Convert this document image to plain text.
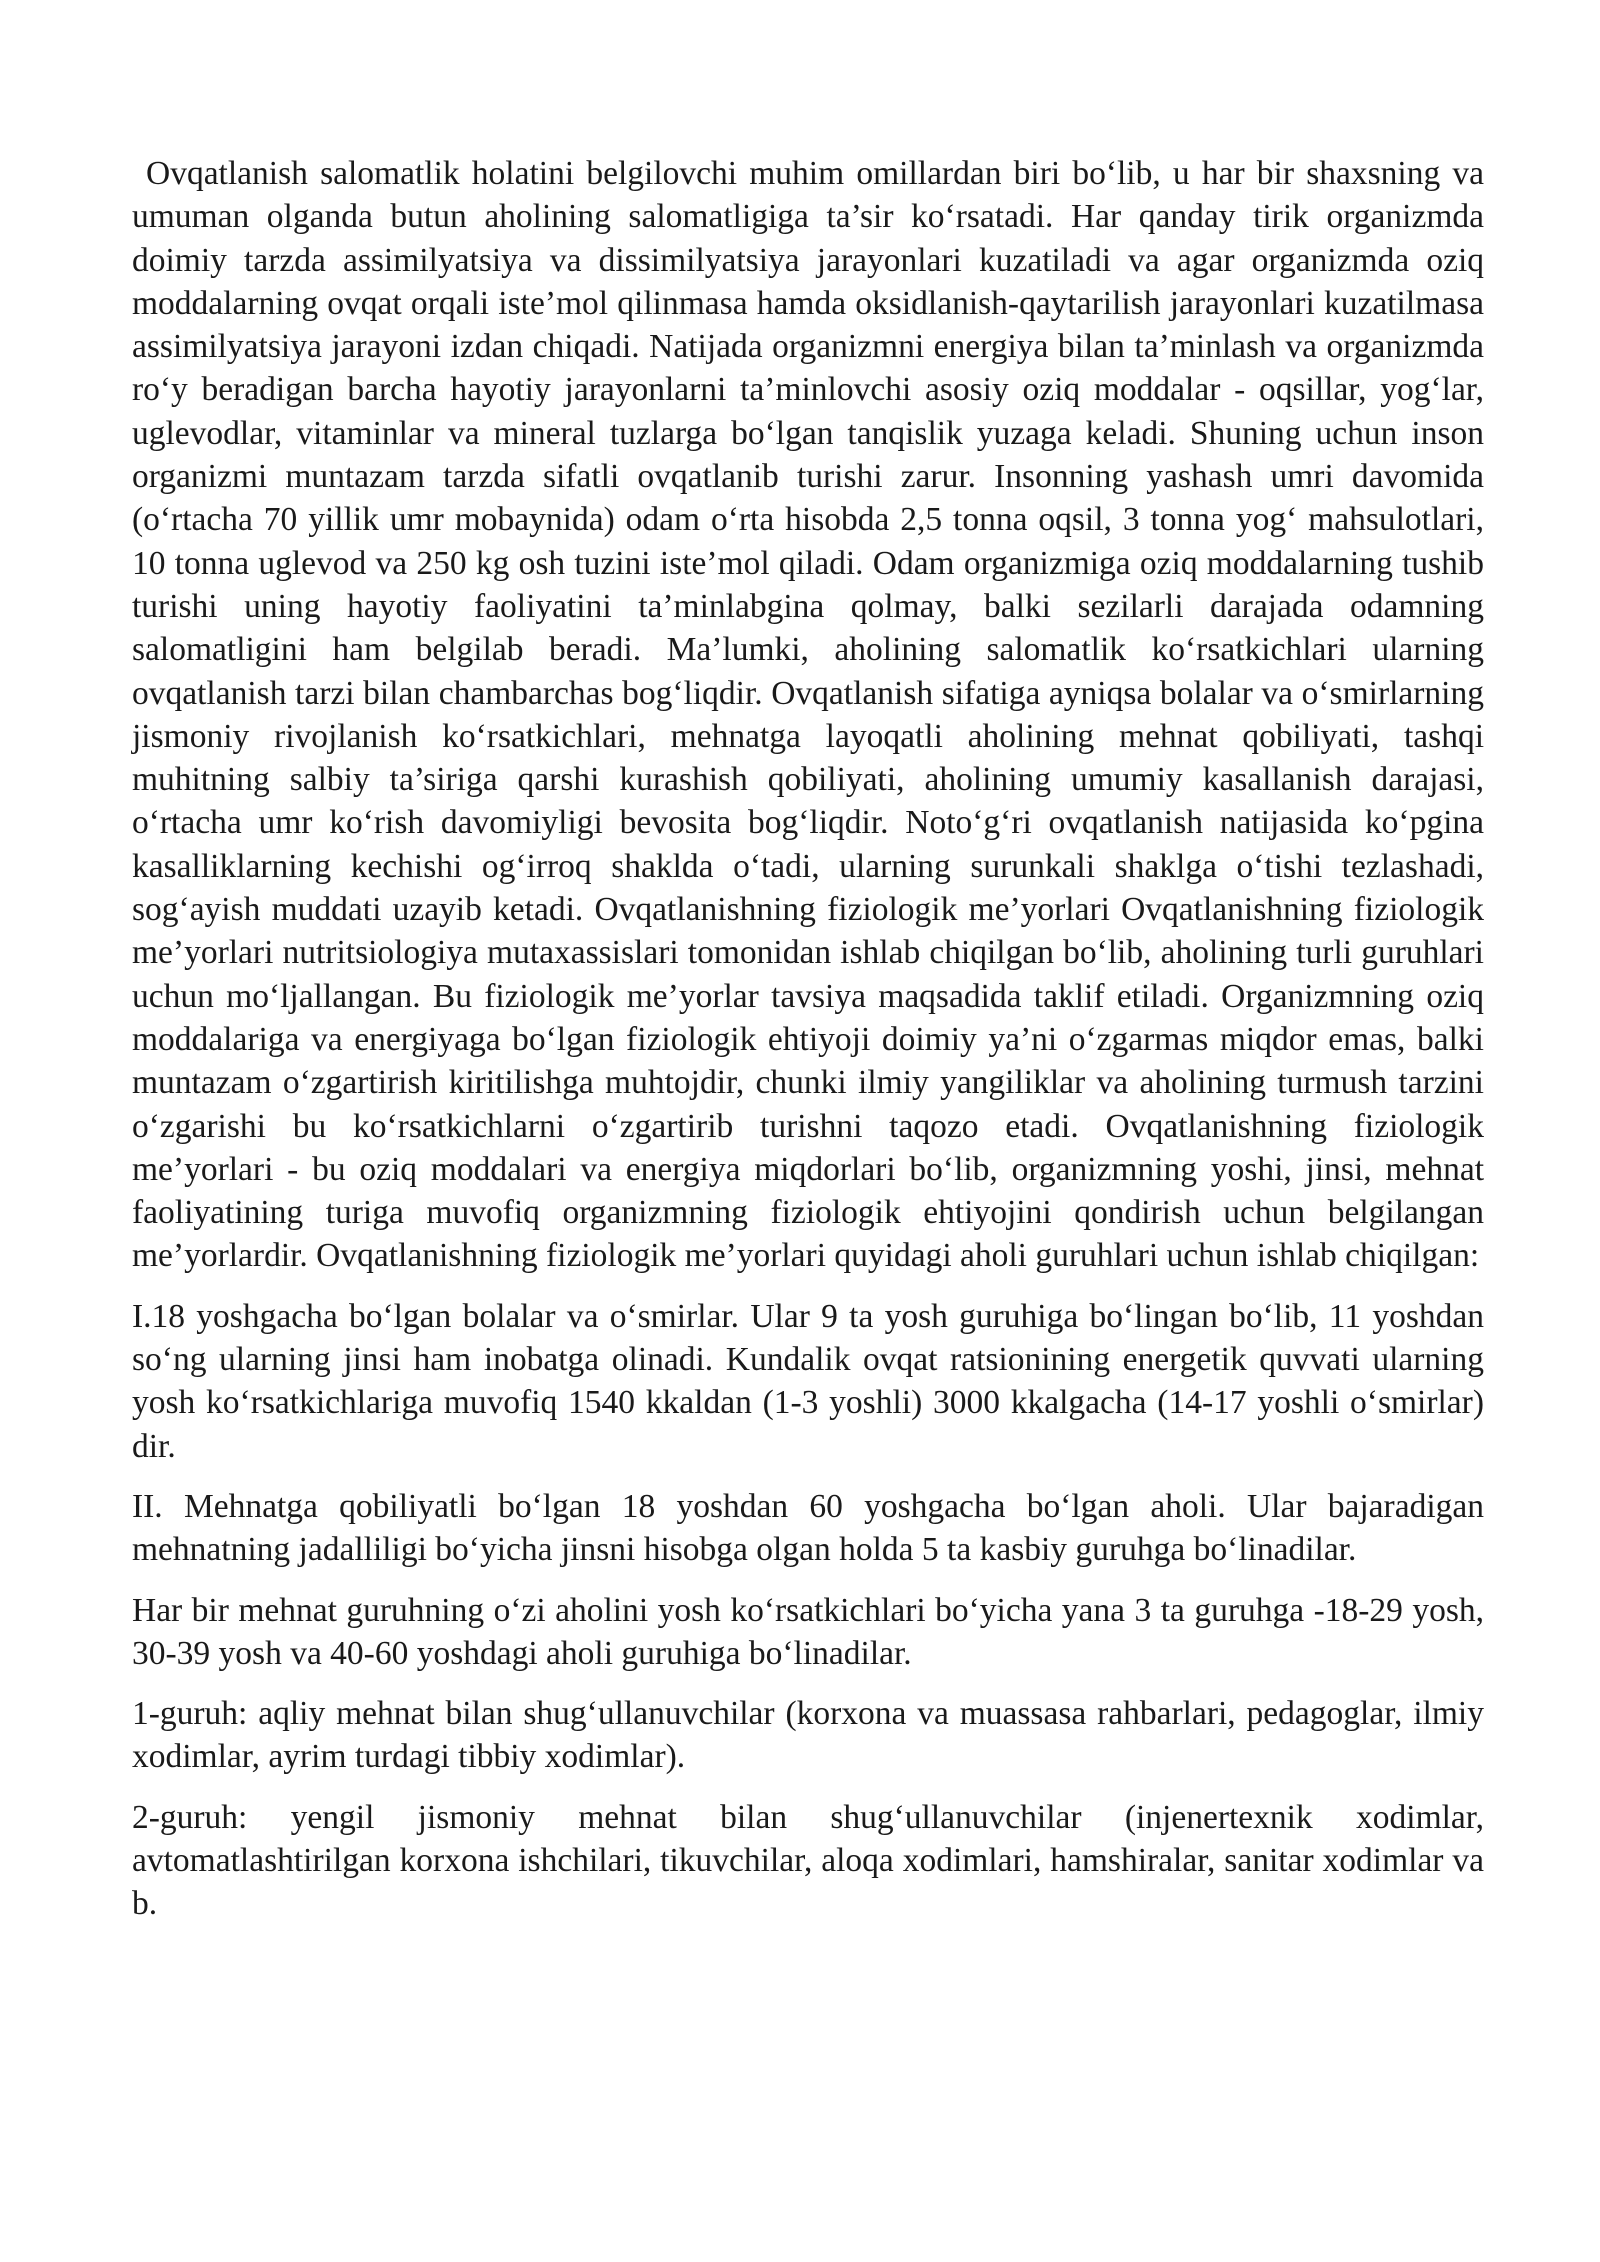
Ovqatlanish salomatlik holatini belgilovchi muhim omillardan biri bo‘lib, u har bir shaxsning va umuman olganda butun aholining salomatligiga ta’sir ko‘rsatadi. Har qanday tirik organizmda doimiy tarzda assimilyatsiya va dissimilyatsiya jarayonlari kuzatiladi va agar organizmda oziq moddalarning ovqat orqali iste’mol qilinmasa hamda oksidlanish-qaytarilish jarayonlari kuzatilmasa assimilyatsiya jarayoni izdan chiqadi. Natijada organizmni energiya bilan ta’minlash va organizmda ro‘y beradigan barcha hayotiy jarayonlarni ta’minlovchi asosiy oziq moddalar - oqsillar, yog‘lar, uglevodlar, vitaminlar va mineral tuzlarga bo‘lgan tanqislik yuzaga keladi. Shuning uchun inson organizmi muntazam tarzda sifatli ovqatlanib turishi zarur. Insonning yashash umri davomida (o‘rtacha 70 yillik umr mobaynida) odam o‘rta hisobda 2,5 tonna oqsil, 3 tonna yog‘ mahsulotlari, 10 tonna uglevod va 250 kg osh tuzini iste’mol qiladi. Odam organizmiga oziq moddalarning tushib turishi uning hayotiy faoliyatini ta’minlabgina qolmay, balki sezilarli darajada odamning salomatligini ham belgilab beradi. Ma’lumki, aholining salomatlik ko‘rsatkichlari ularning ovqatlanish tarzi bilan chambarchas bog‘liqdir. Ovqatlanish sifatiga ayniqsa bolalar va o‘smirlarning jismoniy rivojlanish ko‘rsatkichlari, mehnatga layoqatli aholining mehnat qobiliyati, tashqi muhitning salbiy ta’siriga qarshi kurashish qobiliyati, aholining umumiy kasallanish darajasi, o‘rtacha umr ko‘rish davomiyligi bevosita bog‘liqdir. Noto‘g‘ri ovqatlanish natijasida ko‘pgina kasalliklarning kechishi og‘irroq shaklda o‘tadi, ularning surunkali shaklga o‘tishi tezlashadi, sog‘ayish muddati uzayib ketadi. Ovqatlanishning fiziologik me’yorlari Ovqatlanishning fiziologik me’yorlari nutritsiologiya mutaxassislari tomonidan ishlab chiqilgan bo‘lib, aholining turli guruhlari uchun mo‘ljallangan. Bu fiziologik me’yorlar tavsiya maqsadida taklif etiladi. Organizmning oziq moddalariga va energiyaga bo‘lgan fiziologik ehtiyoji doimiy ya’ni o‘zgarmas miqdor emas, balki muntazam o‘zgartirish kiritilishga muhtojdir, chunki ilmiy yangiliklar va aholining turmush tarzini o‘zgarishi bu ko‘rsatkichlarni o‘zgartirib turishni taqozo etadi. Ovqatlanishning fiziologik me’yorlari - bu oziq moddalari va energiya miqdorlari bo‘lib, organizmning yoshi, jinsi, mehnat faoliyatining turiga muvofiq organizmning fiziologik ehtiyojini qondirish uchun belgilangan me’yorlardir. Ovqatlanishning fiziologik me’yorlari quyidagi aholi guruhlari uchun ishlab chiqilgan:

I.18 yoshgacha bo‘lgan bolalar va o‘smirlar. Ular 9 ta yosh guruhiga bo‘lingan bo‘lib, 11 yoshdan so‘ng ularning jinsi ham inobatga olinadi. Kundalik ovqat ratsionining energetik quvvati ularning yosh ko‘rsatkichlariga muvofiq 1540 kkaldan (1-3 yoshli) 3000 kkalgacha (14-17 yoshli o‘smirlar) dir.

II. Mehnatga qobiliyatli bo‘lgan 18 yoshdan 60 yoshgacha bo‘lgan aholi. Ular bajaradigan mehnatning jadalliligi bo‘yicha jinsni hisobga olgan holda 5 ta kasbiy guruhga bo‘linadilar.

Har bir mehnat guruhning o‘zi aholini yosh ko‘rsatkichlari bo‘yicha yana 3 ta guruhga -18-29 yosh, 30-39 yosh va 40-60 yoshdagi aholi guruhiga bo‘linadilar.

1-guruh: aqliy mehnat bilan shug‘ullanuvchilar (korxona va muassasa rahbarlari, pedagoglar, ilmiy xodimlar, ayrim turdagi tibbiy xodimlar).

2-guruh: yengil jismoniy mehnat bilan shug‘ullanuvchilar (injenertexnik xodimlar, avtomatlashtirilgan korxona ishchilari, tikuvchilar, aloqa xodimlari, hamshiralar, sanitar xodimlar va b.
